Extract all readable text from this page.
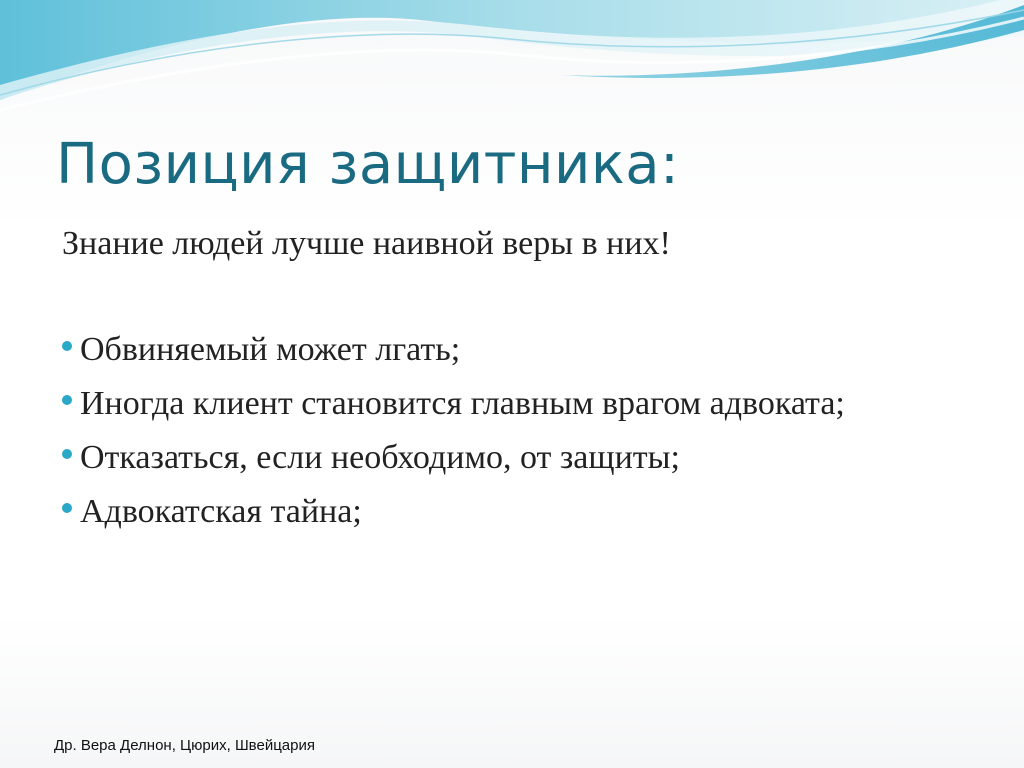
Позиция защитника:

Знание людей лучше наивной веры в них!

Обвиняемый может лгать;
Иногда клиент становится главным врагом адвоката;
Отказаться, если необходимо, от защиты;
Адвокатская тайна;

Др. Вера Делнон, Цюрих, Швейцария
